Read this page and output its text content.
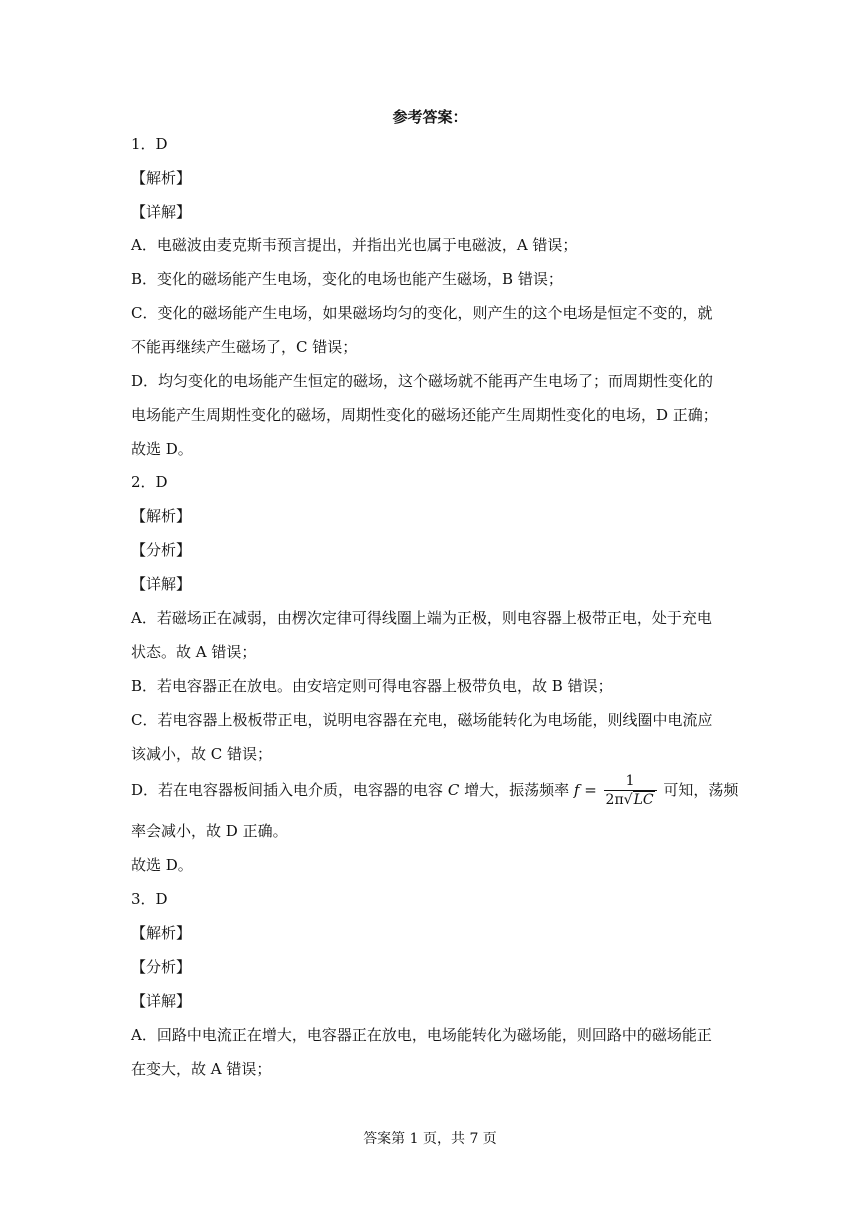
参考答案：
1．D
【解析】
【详解】
A．电磁波由麦克斯韦预言提出，并指出光也属于电磁波，A 错误；
B．变化的磁场能产生电场，变化的电场也能产生磁场，B 错误；
C．变化的磁场能产生电场，如果磁场均匀的变化，则产生的这个电场是恒定不变的，就
不能再继续产生磁场了，C 错误；
D．均匀变化的电场能产生恒定的磁场，这个磁场就不能再产生电场了；而周期性变化的
电场能产生周期性变化的磁场，周期性变化的磁场还能产生周期性变化的电场，D 正确；
故选 D。
2．D
【解析】
【分析】
【详解】
A．若磁场正在减弱，由楞次定律可得线圈上端为正极，则电容器上极带正电，处于充电
状态。故 A 错误；
B．若电容器正在放电。由安培定则可得电容器上极带负电，故 B 错误；
C．若电容器上极板带正电，说明电容器在充电，磁场能转化为电场能，则线圈中电流应
该减小，故 C 错误；
D．若在电容器板间插入电介质，电容器的电容 C 增大，振荡频率 $f = \frac{1}{2\pi√LC}$ 可知，荡频
率会减小，故 D 正确。
故选 D。
3．D
【解析】
【分析】
【详解】
A．回路中电流正在增大，电容器正在放电，电场能转化为磁场能，则回路中的磁场能正
在变大，故 A 错误；
答案第 1 页，共 7 页
